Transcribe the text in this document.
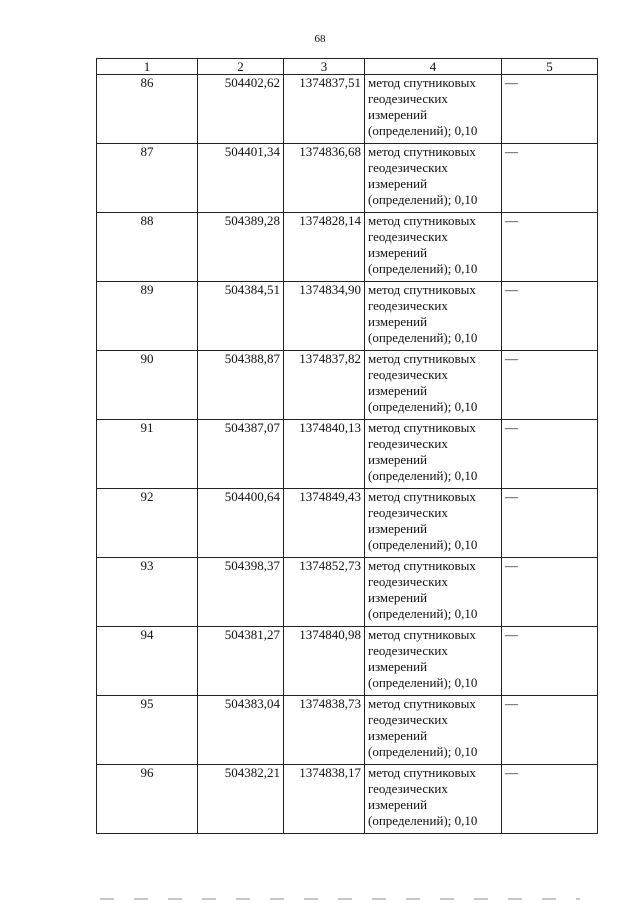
68
1	2	3	4	5
86	504402,62	1374837,51	метод спутниковых геодезических измерений (определений); 0,10	—
87	504401,34	1374836,68	метод спутниковых геодезических измерений (определений); 0,10	—
88	504389,28	1374828,14	метод спутниковых геодезических измерений (определений); 0,10	—
89	504384,51	1374834,90	метод спутниковых геодезических измерений (определений); 0,10	—
90	504388,87	1374837,82	метод спутниковых геодезических измерений (определений); 0,10	—
91	504387,07	1374840,13	метод спутниковых геодезических измерений (определений); 0,10	—
92	504400,64	1374849,43	метод спутниковых геодезических измерений (определений); 0,10	—
93	504398,37	1374852,73	метод спутниковых геодезических измерений (определений); 0,10	—
94	504381,27	1374840,98	метод спутниковых геодезических измерений (определений); 0,10	—
95	504383,04	1374838,73	метод спутниковых геодезических измерений (определений); 0,10	—
96	504382,21	1374838,17	метод спутниковых геодезических измерений (определений); 0,10	—
